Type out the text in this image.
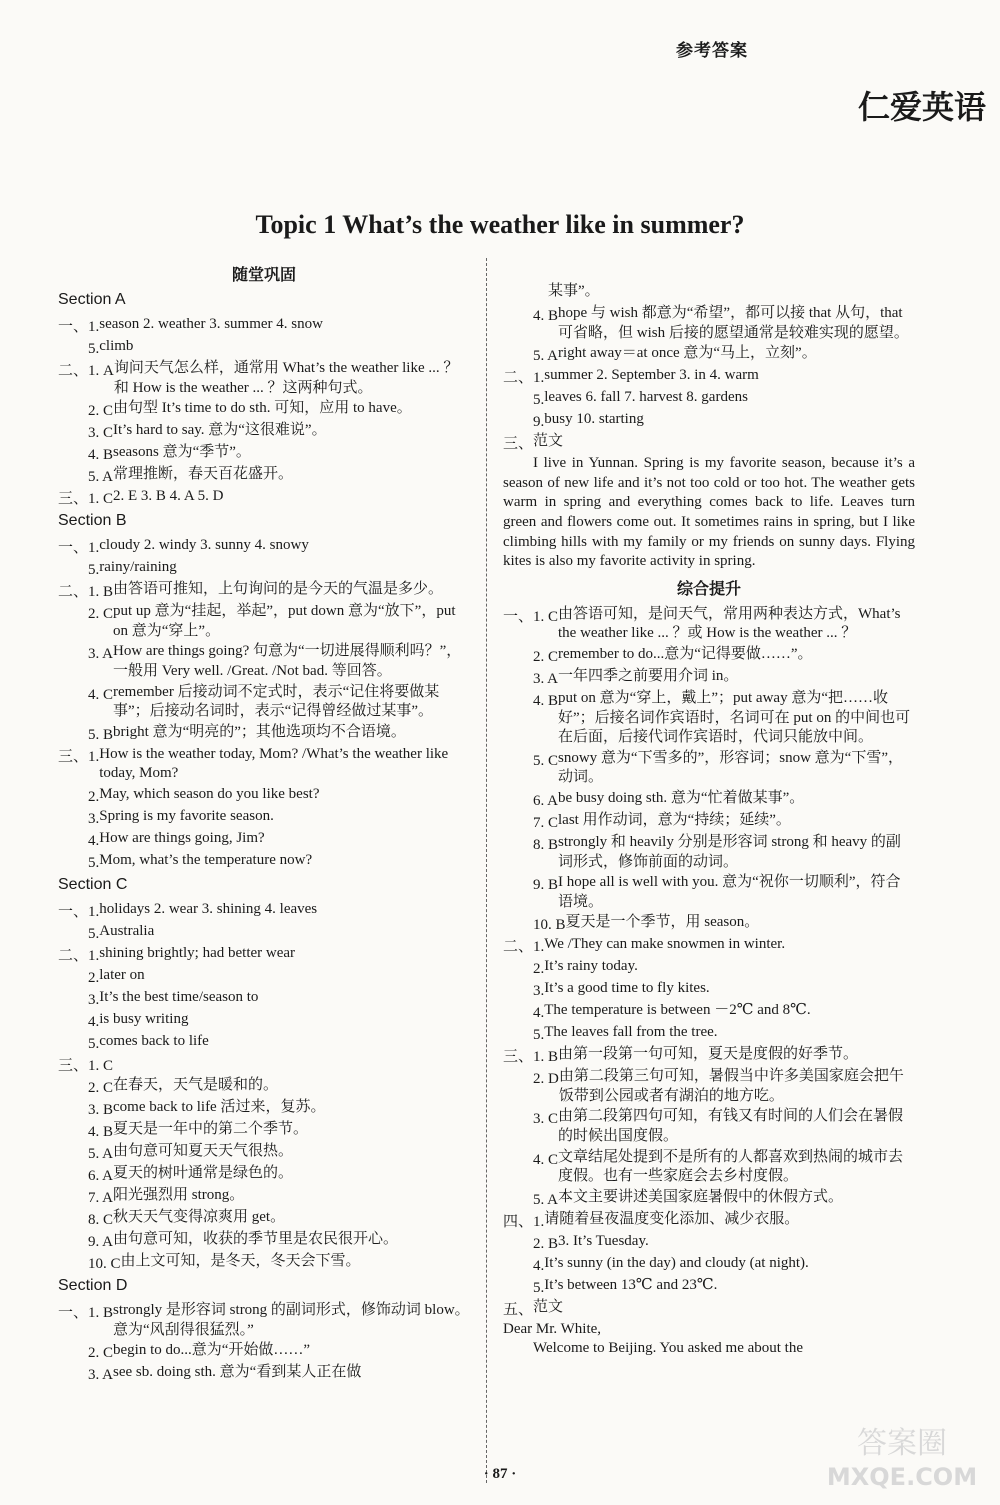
参考答案
仁爱英语
Topic 1 What’s the weather like in summer?
随堂巩固
Section A
一、1. season 2. weather 3. summer 4. snow
　　5. climb
二、1. A 询问天气怎么样，通常用 What’s the weather like ... ？和 How is the weather ... ？这两种句式。
　　2. C 由句型 It’s time to do sth. 可知，应用 to have。
　　3. C It’s hard to say. 意为“这很难说”。
　　4. B seasons 意为“季节”。
　　5. A 常理推断，春天百花盛开。
三、1. C 2. E 3. B 4. A 5. D
Section B
一、1. cloudy 2. windy 3. sunny 4. snowy
　　5. rainy/raining
二、1. B 由答语可推知，上句询问的是今天的气温是多少。
　　2. C put up 意为“挂起，举起”，put down 意为“放下”，put on 意为“穿上”。
　　3. A How are things going? 句意为“一切进展得顺利吗？”，一般用 Very well. /Great. /Not bad. 等回答。
　　4. C remember 后接动词不定式时，表示“记住将要做某事”；后接动名词时，表示“记得曾经做过某事”。
　　5. B bright 意为“明亮的”；其他选项均不合语境。
三、1. How is the weather today, Mom? /What’s the weather like today, Mom?
　　2. May, which season do you like best?
　　3. Spring is my favorite season.
　　4. How are things going, Jim?
　　5. Mom, what’s the temperature now?
Section C
一、1. holidays 2. wear 3. shining 4. leaves
　　5. Australia
二、1. shining brightly; had better wear
　　2. later on
　　3. It’s the best time/season to
　　4. is busy writing
　　5. comes back to life
三、1. C
　　2. C 在春天，天气是暖和的。
　　3. B come back to life 活过来，复苏。
　　4. B 夏天是一年中的第二个季节。
　　5. A 由句意可知夏天天气很热。
　　6. A 夏天的树叶通常是绿色的。
　　7. A 阳光强烈用 strong。
　　8. C 秋天天气变得凉爽用 get。
　　9. A 由句意可知，收获的季节里是农民很开心。
　　10. C 由上文可知，是冬天，冬天会下雪。
Section D
一、1. B strongly 是形容词 strong 的副词形式，修饰动词 blow。意为“风刮得很猛烈。”
　　2. C begin to do...意为“开始做……”
　　3. A see sb. doing sth. 意为“看到某人正在做

某事”。
　　4. B hope 与 wish 都意为“希望”，都可以接 that 从句，that 可省略，但 wish 后接的愿望通常是较难实现的愿望。
　　5. A right away＝at once 意为“马上，立刻”。
二、1. summer 2. September 3. in 4. warm
　　5. leaves 6. fall 7. harvest 8. gardens
　　9. busy 10. starting
三、 范文
I live in Yunnan. Spring is my favorite season, because it’s a season of new life and it’s not too cold or too hot. The weather gets warm in spring and everything comes back to life. Leaves turn green and flowers come out. It sometimes rains in spring, but I like climbing hills with my family or my friends on sunny days. Flying kites is also my favorite activity in spring.
综合提升
一、1. C 由答语可知，是问天气，常用两种表达方式，What’s the weather like ... ？或 How is the weather ... ？
　　2. C remember to do...意为“记得要做……”。
　　3. A 一年四季之前要用介词 in。
　　4. B put on 意为“穿上，戴上”；put away 意为“把……收好”；后接名词作宾语时，名词可在 put on 的中间也可在后面，后接代词作宾语时，代词只能放中间。
　　5. C snowy 意为“下雪多的”，形容词；snow 意为“下雪”，动词。
　　6. A be busy doing sth. 意为“忙着做某事”。
　　7. C last 用作动词，意为“持续；延续”。
　　8. B strongly 和 heavily 分别是形容词 strong 和 heavy 的副词形式，修饰前面的动词。
　　9. B I hope all is well with you. 意为“祝你一切顺利”，符合语境。
　　10. B 夏天是一个季节，用 season。
二、1. We /They can make snowmen in winter.
　　2. It’s rainy today.
　　3. It’s a good time to fly kites.
　　4. The temperature is between －2℃ and 8℃.
　　5. The leaves fall from the tree.
三、1. B 由第一段第一句可知，夏天是度假的好季节。
　　2. D 由第二段第三句可知，暑假当中许多美国家庭会把午饭带到公园或者有湖泊的地方吃。
　　3. C 由第二段第四句可知，有钱又有时间的人们会在暑假的时候出国度假。
　　4. C 文章结尾处提到不是所有的人都喜欢到热闹的城市去度假。也有一些家庭会去乡村度假。
　　5. A 本文主要讲述美国家庭暑假中的休假方式。
四、1. 请随着昼夜温度变化添加、减少衣服。
　　2. B 3. It’s Tuesday.
　　4. It’s sunny (in the day) and cloudy (at night).
　　5. It’s between 13℃ and 23℃.
五、 范文
Dear Mr. White,
Welcome to Beijing. You asked me about the
· 87 ·
答案圈
MXQE.COM
